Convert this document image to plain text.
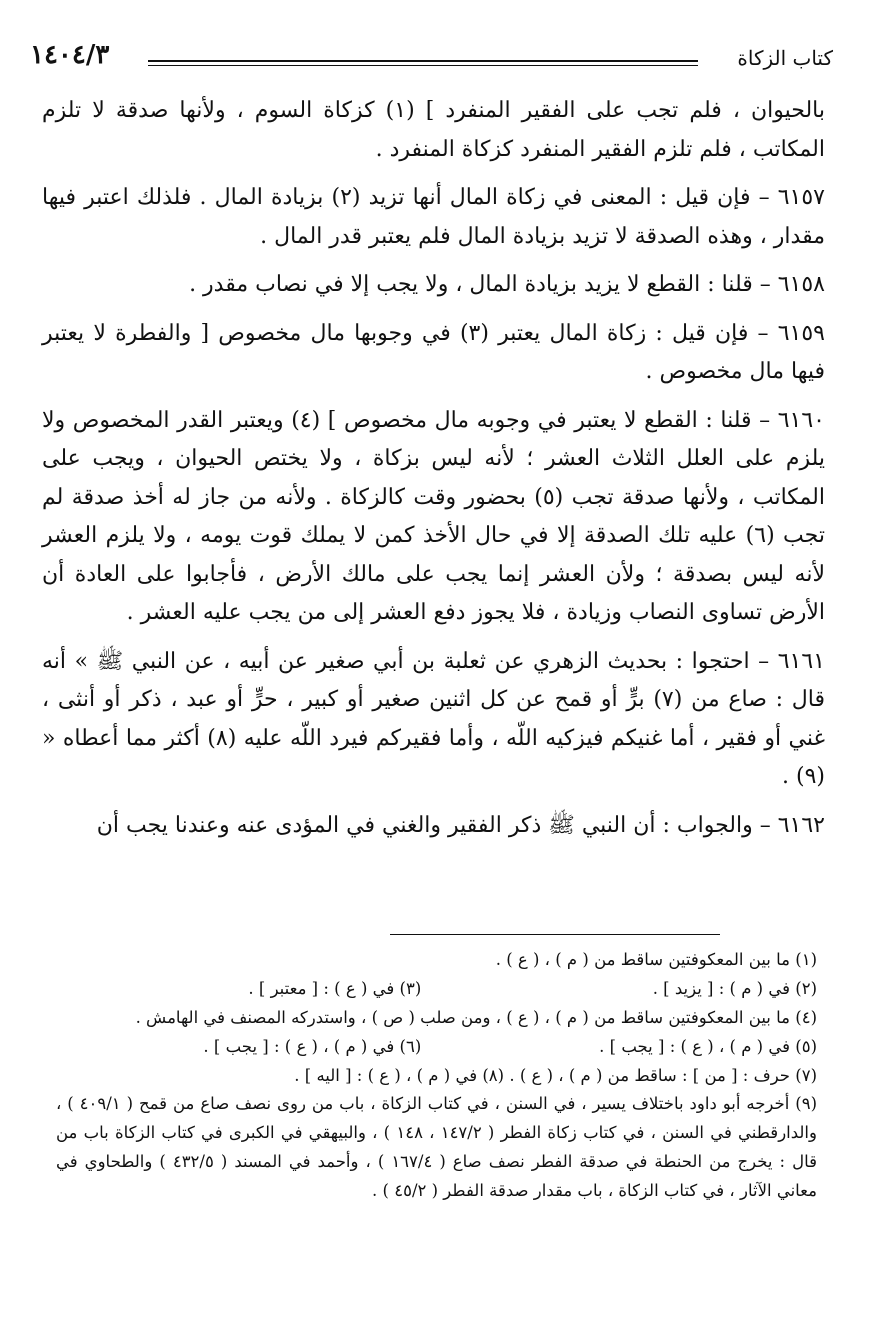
١٤٠٤/٣	كتاب الزكاة

بالحيوان ، فلم تجب على الفقير المنفرد ] (١) كزكاة السوم ، ولأنها صدقة لا تلزم المكاتب ، فلم تلزم الفقير المنفرد كزكاة المنفرد .

٦١٥٧ – فإن قيل : المعنى في زكاة المال أنها تزيد (٢) بزيادة المال . فلذلك اعتبر فيها مقدار ، وهذه الصدقة لا تزيد بزيادة المال فلم يعتبر قدر المال .

٦١٥٨ – قلنا : القطع لا يزيد بزيادة المال ، ولا يجب إلا في نصاب مقدر .

٦١٥٩ – فإن قيل : زكاة المال يعتبر (٣) في وجوبها مال مخصوص [ والفطرة لا يعتبر فيها مال مخصوص .

٦١٦٠ – قلنا : القطع لا يعتبر في وجوبه مال مخصوص ] (٤) ويعتبر القدر المخصوص ولا يلزم على العلل الثلاث العشر ؛ لأنه ليس بزكاة ، ولا يختص الحيوان ، ويجب على المكاتب ، ولأنها صدقة تجب (٥) بحضور وقت كالزكاة . ولأنه من جاز له أخذ صدقة لم تجب (٦) عليه تلك الصدقة إلا في حال الأخذ كمن لا يملك قوت يومه ، ولا يلزم العشر لأنه ليس بصدقة ؛ ولأن العشر إنما يجب على مالك الأرض ، فأجابوا على العادة أن الأرض تساوى النصاب وزيادة ، فلا يجوز دفع العشر إلى من يجب عليه العشر .

٦١٦١ – احتجوا : بحديث الزهري عن ثعلبة بن أبي صغير عن أبيه ، عن النبي ﷺ » أنه قال : صاع من (٧) برٍّ أو قمح عن كل اثنين صغير أو كبير ، حرٍّ أو عبد ، ذكر أو أنثى ، غني أو فقير ، أما غنيكم فيزكيه اللّه ، وأما فقيركم فيرد اللّه عليه (٨) أكثر مما أعطاه « (٩) .

٦١٦٢ – والجواب : أن النبي ﷺ ذكر الفقير والغني في المؤدى عنه وعندنا يجب أن

(١) ما بين المعكوفتين ساقط من ( م ) ، ( ع ) .

(٢) في ( م ) : [ يزيد ] .
(٣) في ( ع ) : [ معتبر ] .

(٤) ما بين المعكوفتين ساقط من ( م ) ، ( ع ) ، ومن صلب ( ص ) ، واستدركه المصنف في الهامش .

(٥) في ( م ) ، ( ع ) : [ يجب ] .
(٦) في ( م ) ، ( ع ) : [ يجب ] .

(٧) حرف : [ من ] : ساقط من ( م ) ، ( ع ) . (٨) في ( م ) ، ( ع ) : [ اليه ] .

(٩) أخرجه أبو داود باختلاف يسير ، في السنن ، في كتاب الزكاة ، باب من روى نصف صاع من قمح ( ٤٠٩/١ ) ، والدارقطني في السنن ، في كتاب زكاة الفطر ( ١٤٧/٢ ، ١٤٨ ) ، والبيهقي في الكبرى في كتاب الزكاة باب من قال : يخرج من الحنطة في صدقة الفطر نصف صاع ( ١٦٧/٤ ) ، وأحمد في المسند ( ٤٣٢/٥ ) والطحاوي في معاني الآثار ، في كتاب الزكاة ، باب مقدار صدقة الفطر ( ٤٥/٢ ) .
